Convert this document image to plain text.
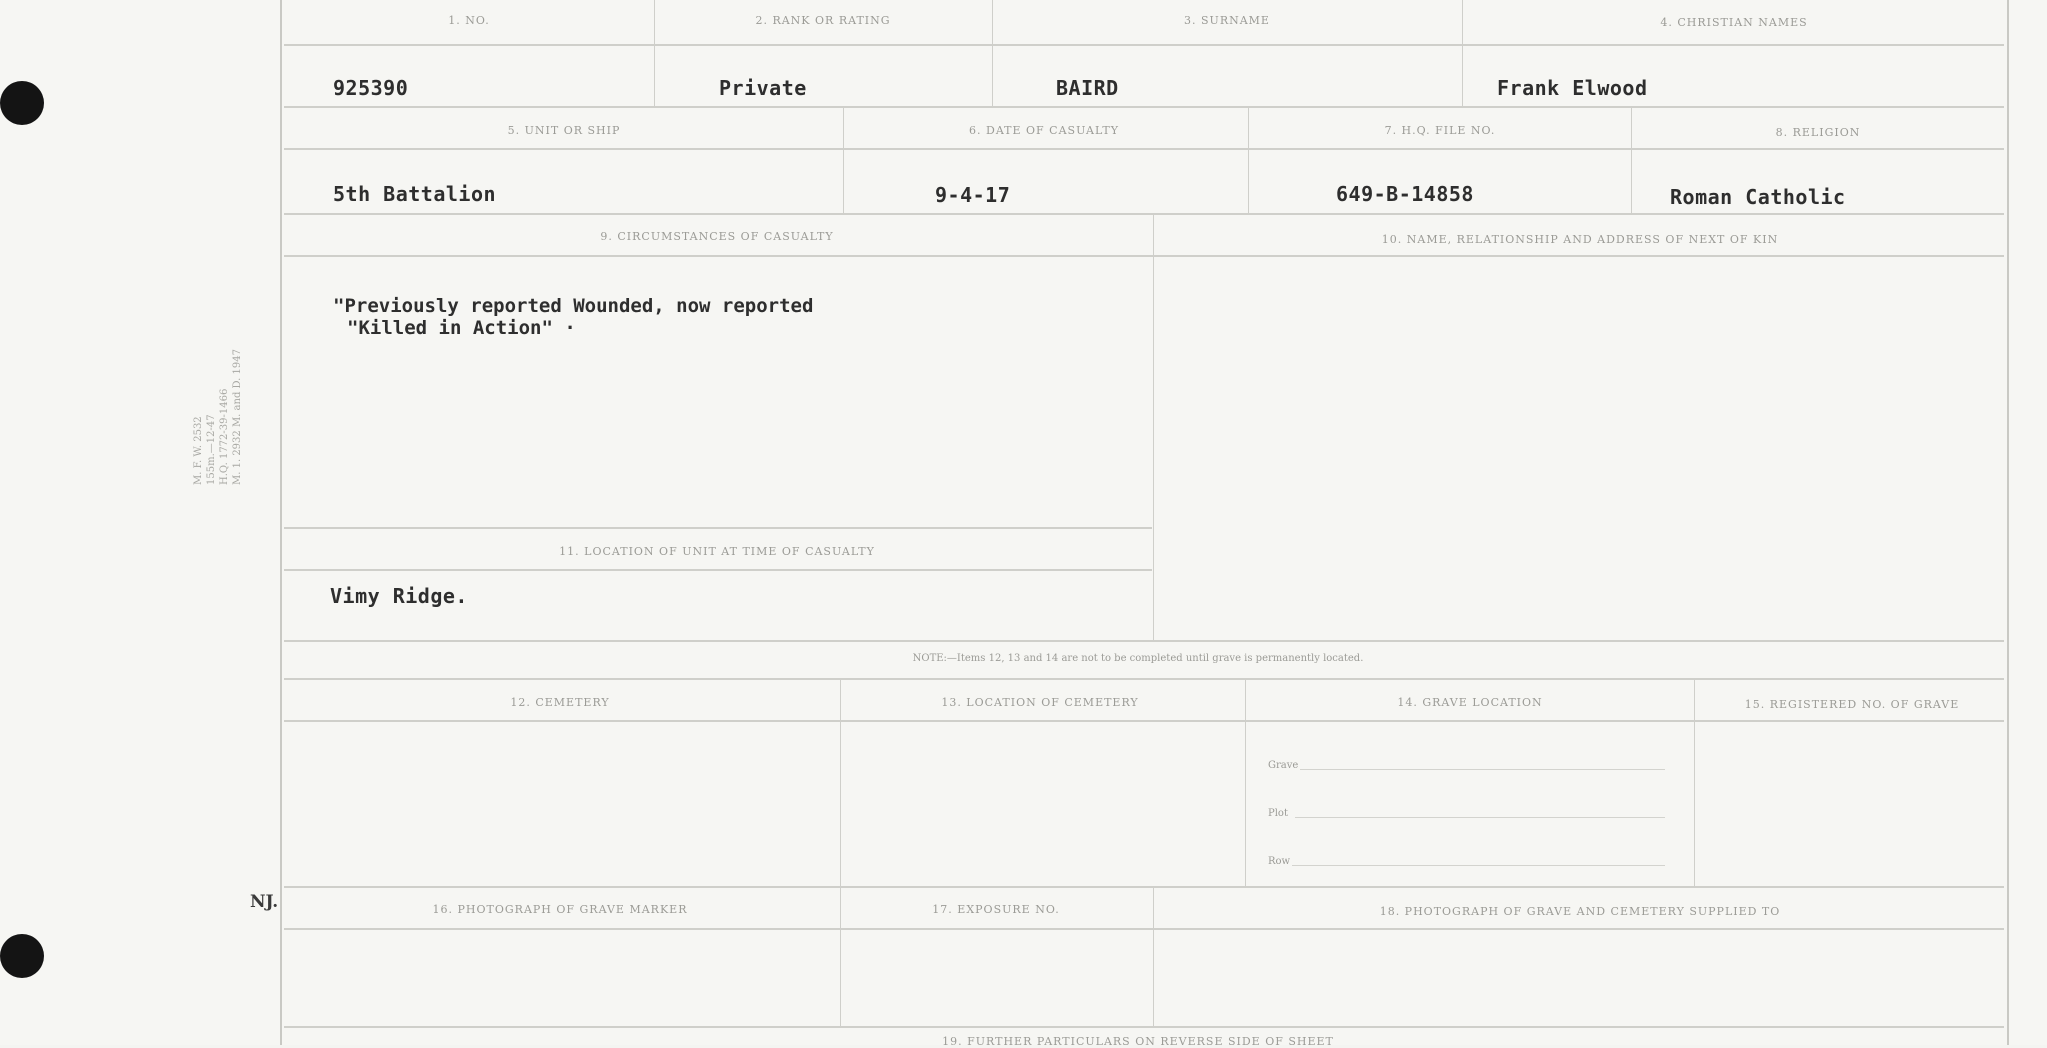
M. F. W. 2532
155m.—12-47
H.Q. 1772-39-1466
M. 1. 2932 M. and D. 1947
NJ.
1. NO.	2. RANK OR RATING	3. SURNAME	4. CHRISTIAN NAMES
925390	Private	BAIRD	Frank Elwood
5. UNIT OR SHIP	6. DATE OF CASUALTY	7. H.Q. FILE NO.	8. RELIGION
5th Battalion	9-4-17	649-B-14858	Roman Catholic
9. CIRCUMSTANCES OF CASUALTY	10. NAME, RELATIONSHIP AND ADDRESS OF NEXT OF KIN
"Previously reported Wounded, now reported
"Killed in Action" ·
11. LOCATION OF UNIT AT TIME OF CASUALTY
Vimy Ridge.
NOTE:—Items 12, 13 and 14 are not to be completed until grave is permanently located.
12. CEMETERY	13. LOCATION OF CEMETERY	14. GRAVE LOCATION	15. REGISTERED NO. OF GRAVE
Grave
Plot
Row
16. PHOTOGRAPH OF GRAVE MARKER	17. EXPOSURE NO.	18. PHOTOGRAPH OF GRAVE AND CEMETERY SUPPLIED TO
19. FURTHER PARTICULARS ON REVERSE SIDE OF SHEET
